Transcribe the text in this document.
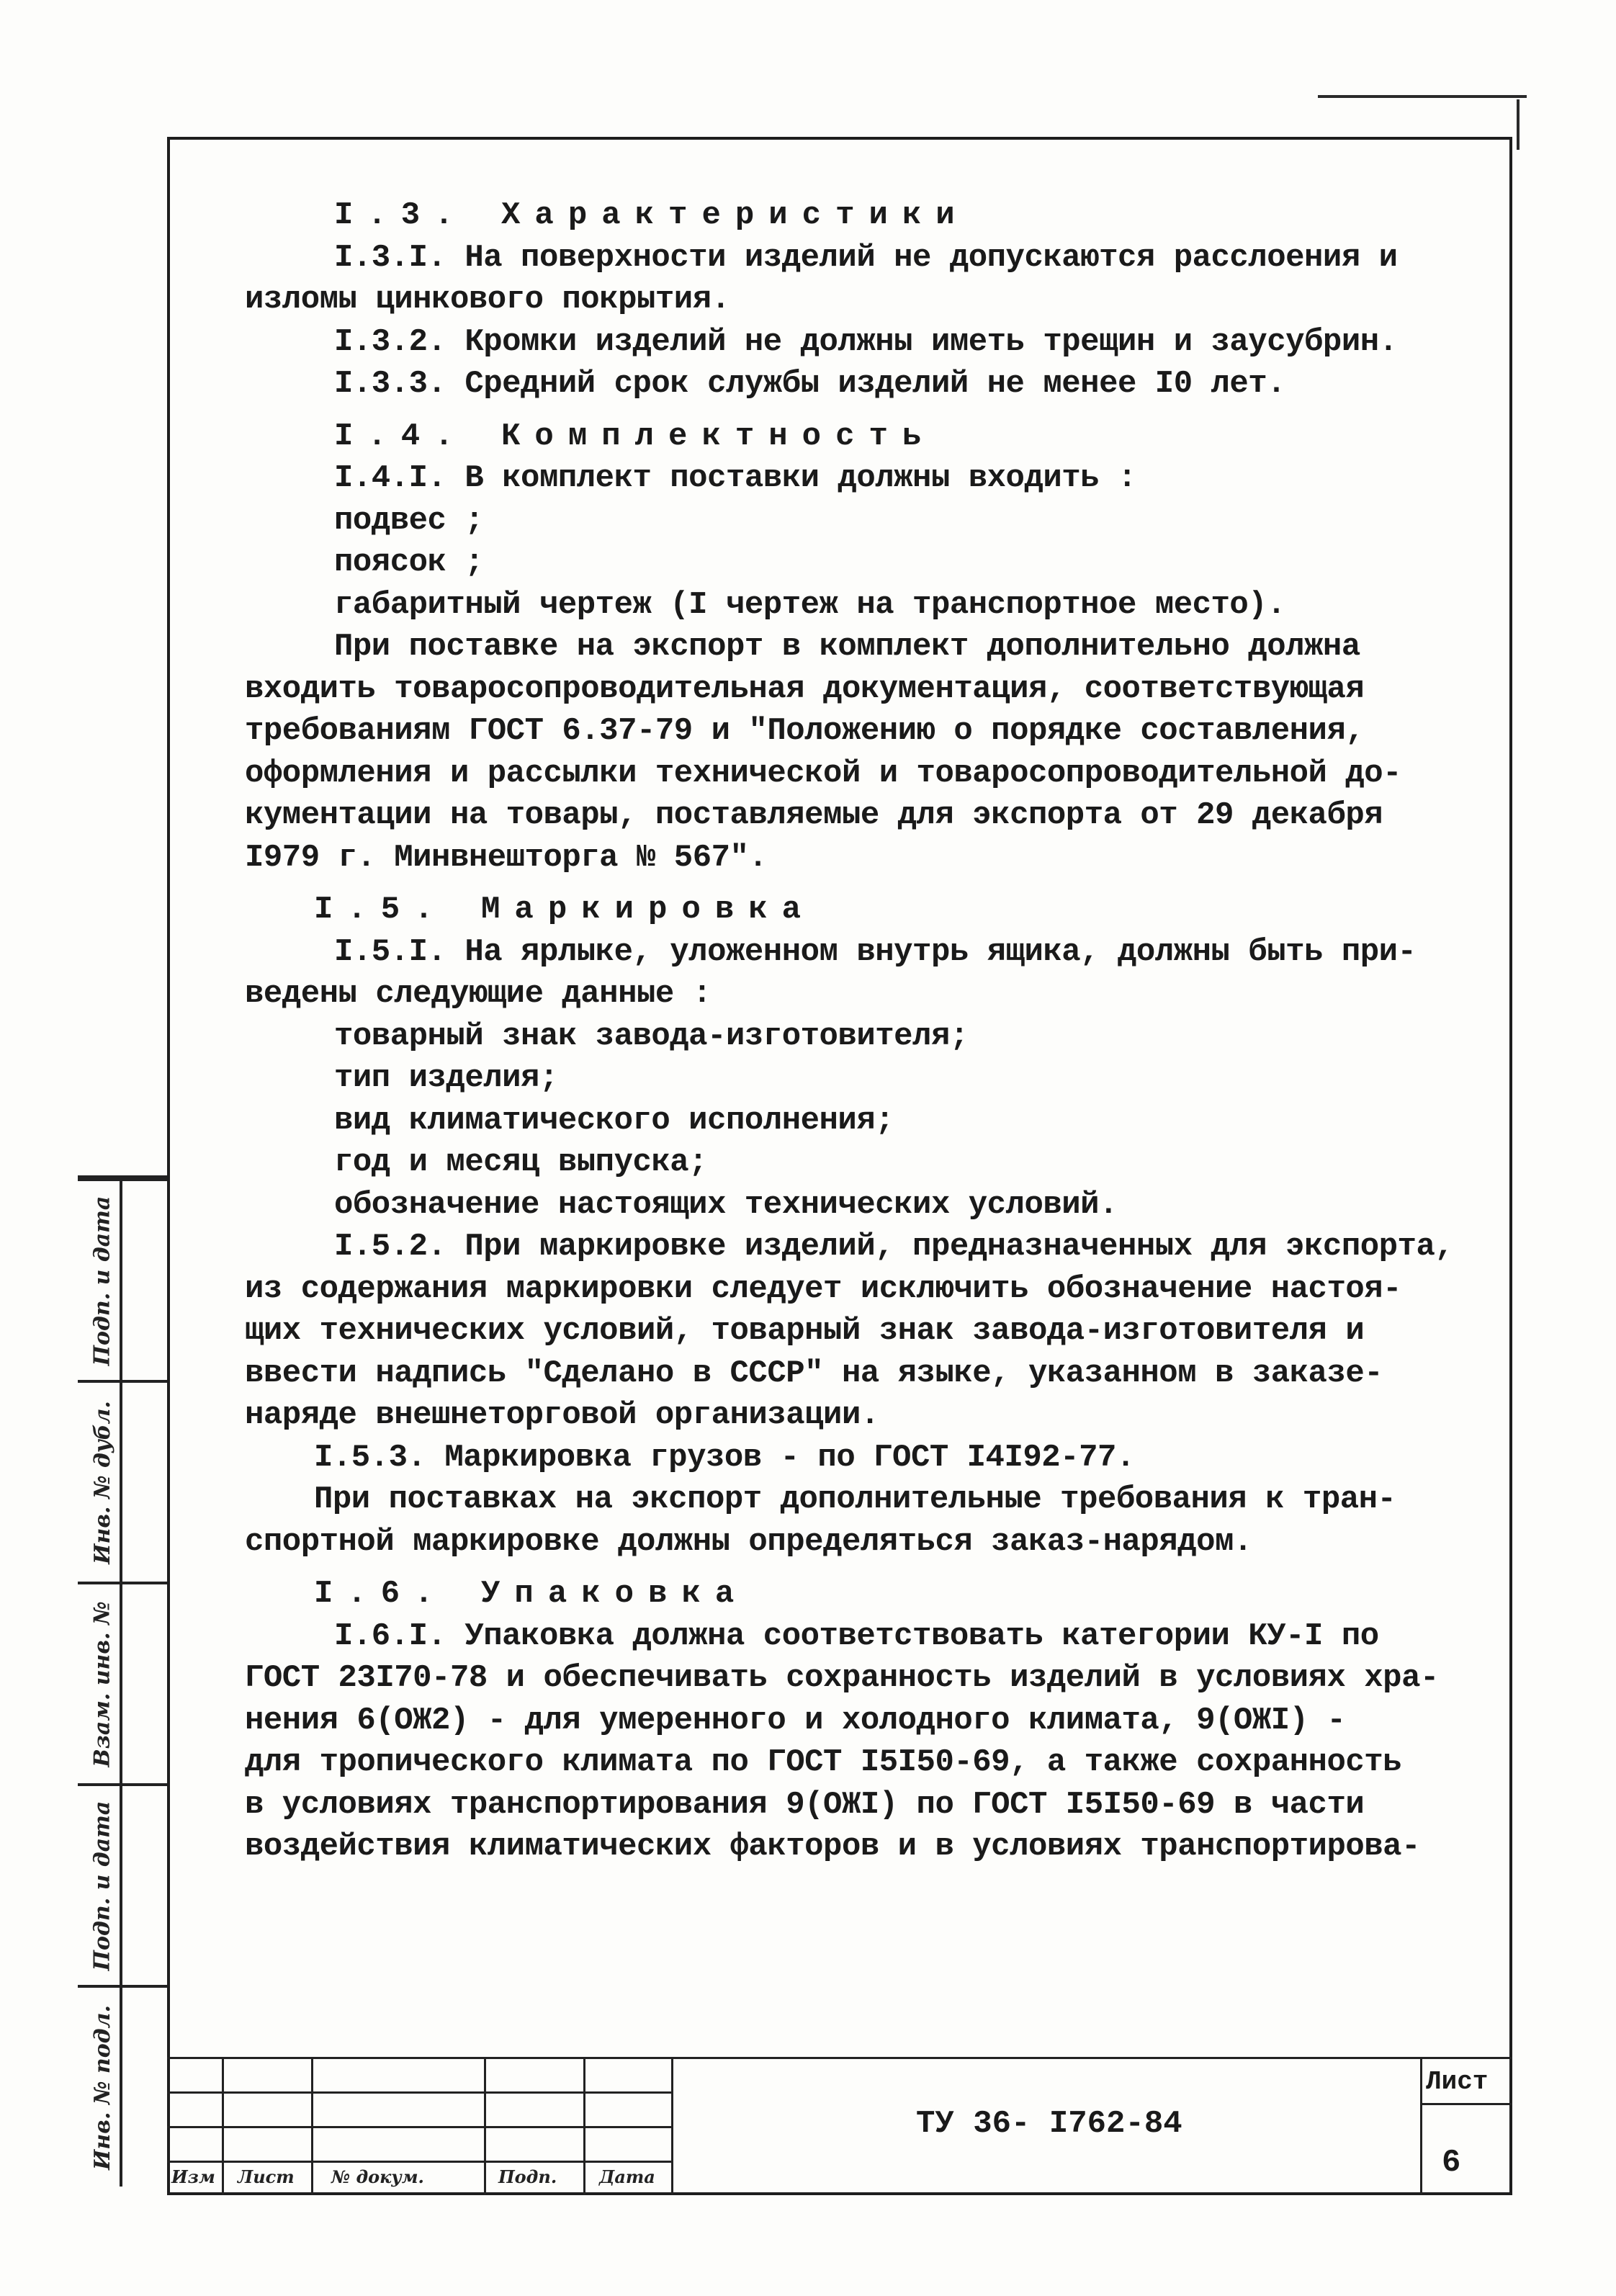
I.3. Характеристики
I.3.I. На поверхности изделий не допускаются расслоения и
изломы цинкового покрытия.
I.3.2. Кромки изделий не должны иметь трещин и заусубрин.
I.3.3. Средний срок службы изделий не менее I0 лет.
I.4. Комплектность
I.4.I. В комплект поставки должны входить :
подвес ;
поясок ;
габаритный чертеж (I чертеж на транспортное место).
При поставке на экспорт в комплект дополнительно должна
входить товаросопроводительная документация, соответствующая
требованиям ГОСТ 6.37-79 и "Положению о порядке составления,
оформления и рассылки технической и товаросопроводительной до-
кументации на товары, поставляемые для экспорта от 29 декабря
I979 г. Минвнешторга № 567".
I.5. Маркировка
I.5.I. На ярлыке, уложенном внутрь ящика, должны быть при-
ведены следующие данные :
товарный знак завода-изготовителя;
тип изделия;
вид климатического исполнения;
год и месяц выпуска;
обозначение настоящих технических условий.
I.5.2. При маркировке изделий, предназначенных для экспорта,
из содержания маркировки следует исключить обозначение настоя-
щих технических условий, товарный знак завода-изготовителя и
ввести надпись "Сделано в СССР" на языке, указанном в заказе-
наряде внешнеторговой организации.
I.5.3. Маркировка грузов - по ГОСТ I4I92-77.
При поставках на экспорт дополнительные требования к тран-
спортной маркировке должны определяться заказ-нарядом.
I.6. Упаковка
I.6.I. Упаковка должна соответствовать категории КУ-I по
ГОСТ 23I70-78 и обеспечивать сохранность изделий в условиях хра-
нения 6(ОЖ2) - для умеренного и холодного климата, 9(ОЖI) -
для тропического климата по ГОСТ I5I50-69, а также сохранность
в условиях транспортирования 9(ОЖI) по ГОСТ I5I50-69 в части
воздействия климатических факторов и в условиях транспортирова-
Инв. № подл.
Подп. и дата
Взам. инв. №
Инв. № дубл.
Подп. и дата
Изм Лист № докум.	Подп. Дата
ТУ 36- I762-84
Лист
6
